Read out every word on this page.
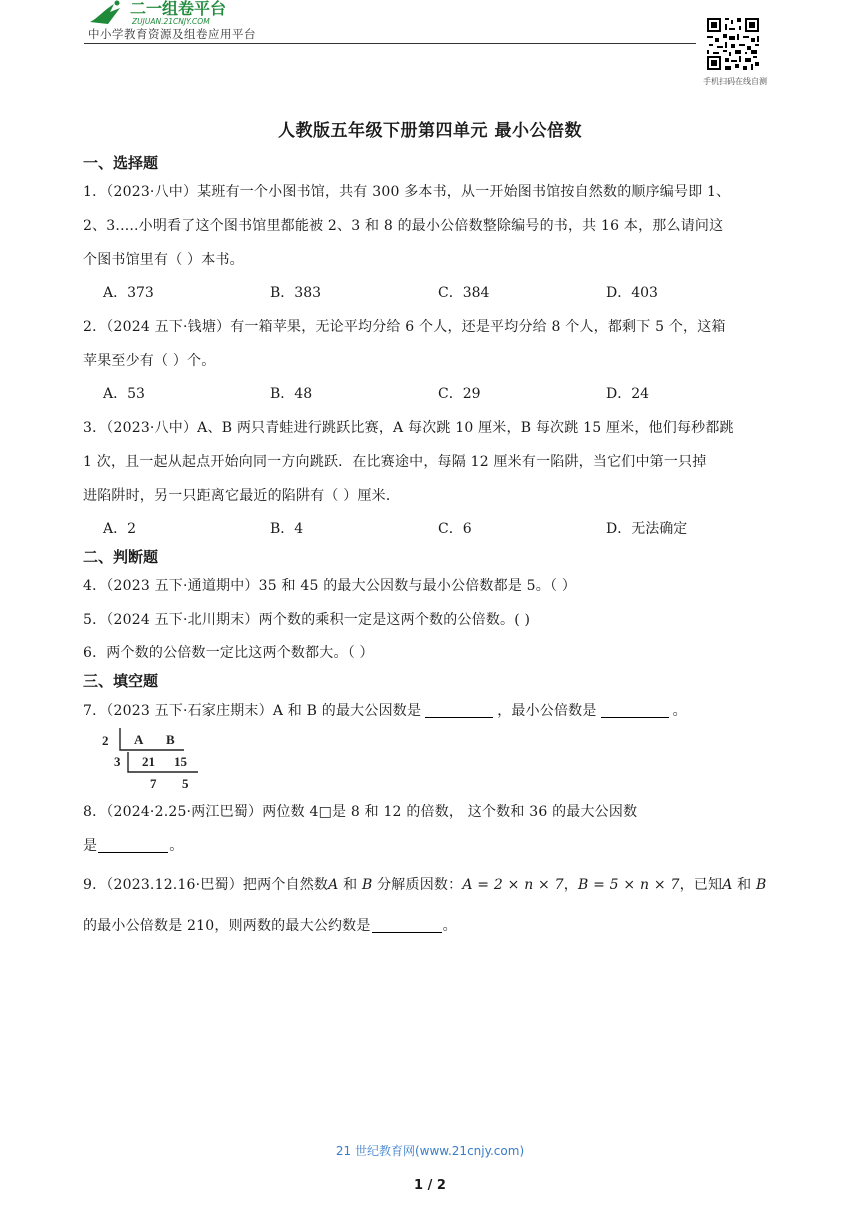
二一组卷平台
ZUJUAN.21CNJY.COM
中小学教育资源及组卷应用平台
手机扫码在线自测
人教版五年级下册第四单元 最小公倍数
一、选择题
1．（2023·八中）某班有一个小图书馆，共有 300 多本书，从一开始图书馆按自然数的顺序编号即 1、
2、3.....小明看了这个图书馆里都能被 2、3 和 8 的最小公倍数整除编号的书，共 16 本，那么请问这
个图书馆里有（ ）本书。
A．373	B．383	C．384	D．403
2．（2024 五下·钱塘）有一箱苹果，无论平均分给 6 个人，还是平均分给 8 个人，都剩下 5 个，这箱
苹果至少有（ ）个。
A．53	B．48	C．29	D．24
3．（2023·八中）A、B 两只青蛙进行跳跃比赛，A 每次跳 10 厘米，B 每次跳 15 厘米，他们每秒都跳
1 次，且一起从起点开始向同一方向跳跃．在比赛途中，每隔 12 厘米有一陷阱，当它们中第一只掉
进陷阱时，另一只距离它最近的陷阱有（ ）厘米．
A．2	B．4	C．6	D．无法确定
二、判断题
4．（2023 五下·通道期中）35 和 45 的最大公因数与最小公倍数都是 5。（ ）
5．（2024 五下·北川期末）两个数的乘积一定是这两个数的公倍数。( )
6．两个数的公倍数一定比这两个数都大。（ ）
三、填空题
7．（2023 五下·石家庄期末）A 和 B 的最大公因数是	，最小公倍数是	。
2
3
A B
21 15
7 5
8．（2024·2.25·两江巴蜀）两位数 4□是 8 和 12 的倍数， 这个数和 36 的最大公因数
是	。
9．（2023.12.16·巴蜀）把两个自然数A 和 B 分解质因数：A = 2 × n × 7，B = 5 × n × 7，已知A 和 B
的最小公倍数是 210，则两数的最大公约数是	。
21 世纪教育网(www.21cnjy.com)
1 / 2
